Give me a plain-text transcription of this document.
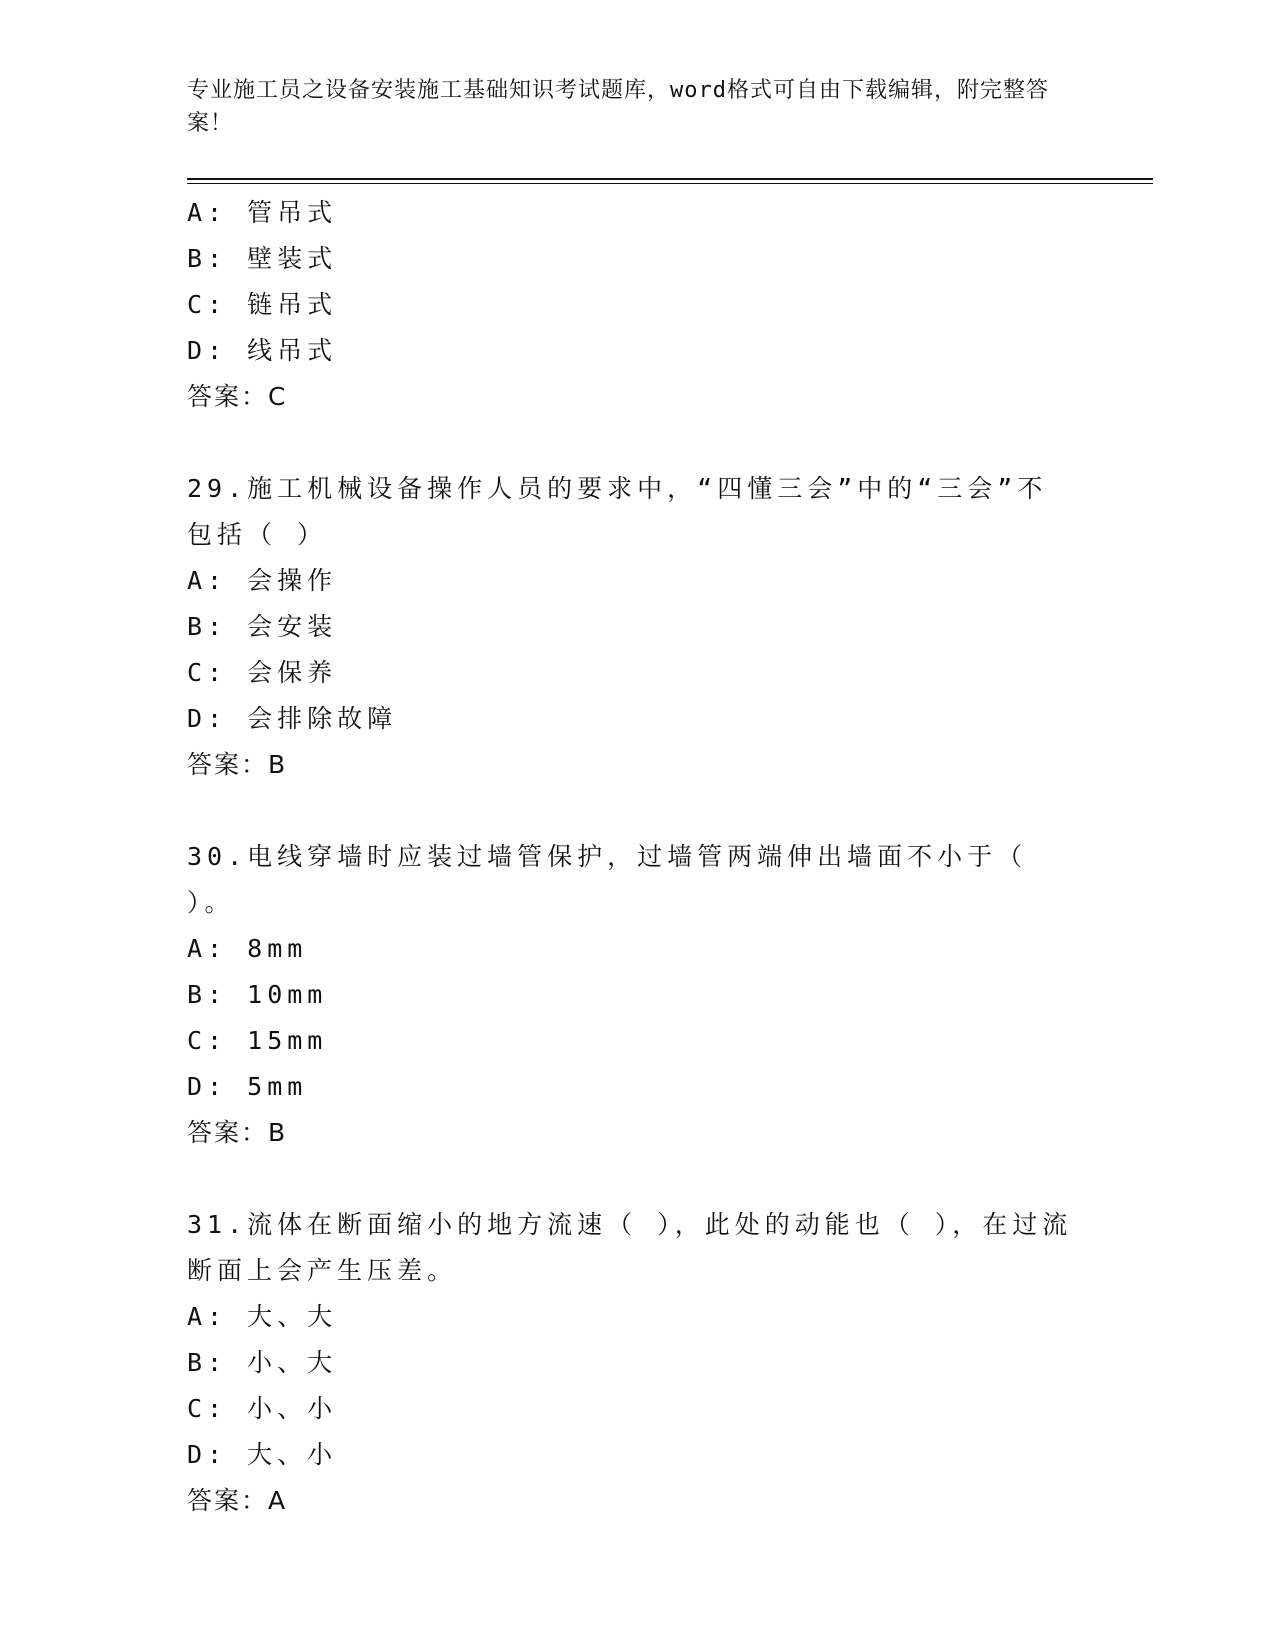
专业施工员之设备安装施工基础知识考试题库，word格式可自由下载编辑，附完整答案！
A: 管吊式
B: 壁装式
C: 链吊式
D: 线吊式
答案：C
29.施工机械设备操作人员的要求中，“四懂三会”中的“三会”不包括（ ）
A: 会操作
B: 会安装
C: 会保养
D: 会排除故障
答案：B
30.电线穿墙时应装过墙管保护，过墙管两端伸出墙面不小于（ ）。
A: 8mm
B: 10mm
C: 15mm
D: 5mm
答案：B
31.流体在断面缩小的地方流速（ ），此处的动能也（ ），在过流断面上会产生压差。
A: 大、大
B: 小、大
C: 小、小
D: 大、小
答案：A
